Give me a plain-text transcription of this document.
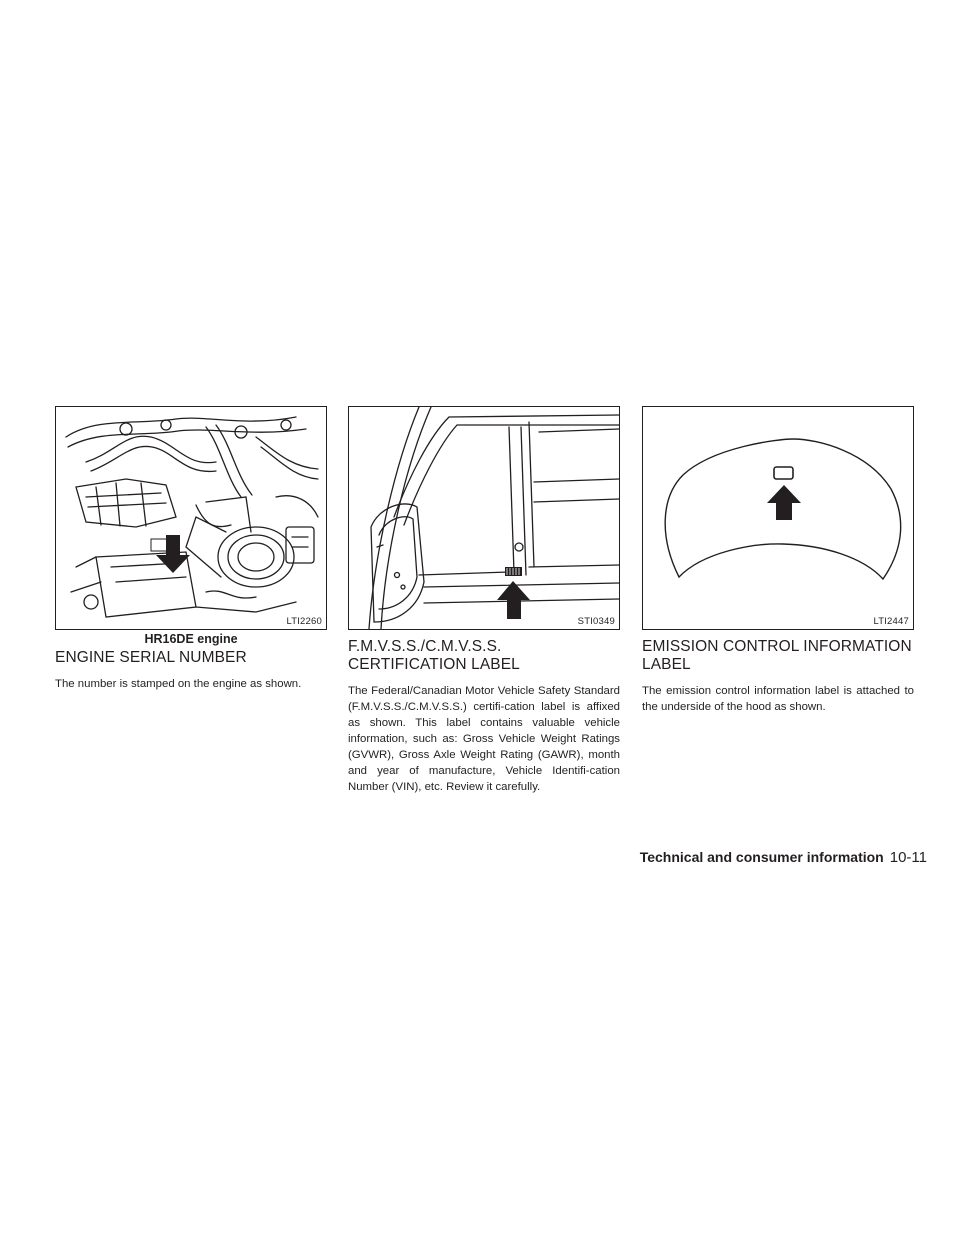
LTI2260
HR16DE engine
ENGINE SERIAL NUMBER

The number is stamped on the engine as shown.

STI0349
F.M.V.S.S./C.M.V.S.S. CERTIFICATION LABEL

The Federal/Canadian Motor Vehicle Safety Standard (F.M.V.S.S./C.M.V.S.S.) certifi-cation label is affixed as shown. This label contains valuable vehicle information, such as: Gross Vehicle Weight Ratings (GVWR), Gross Axle Weight Rating (GAWR), month and year of manufacture, Vehicle Identifi-cation Number (VIN), etc. Review it carefully.

LTI2447
EMISSION CONTROL INFORMATION LABEL

The emission control information label is attached to the underside of the hood as shown.

Technical and consumer information 10-11
